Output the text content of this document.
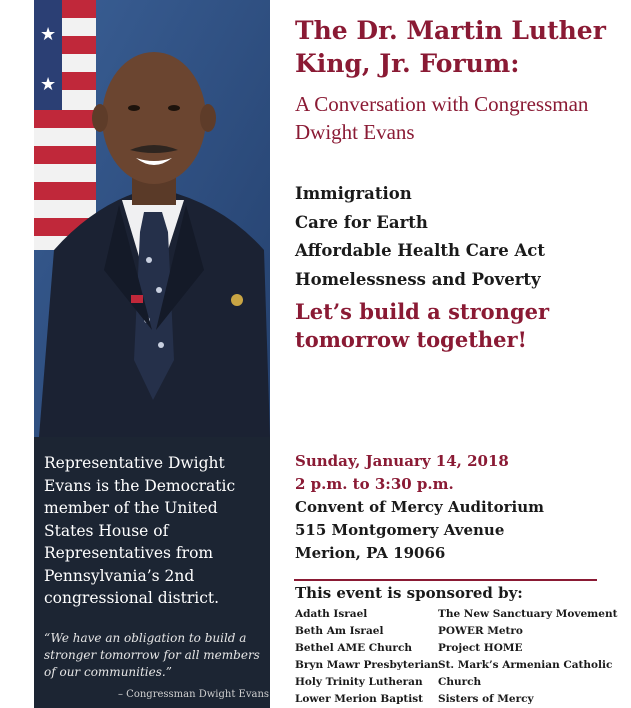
★
★
Representative Dwight Evans is the Democratic member of the United States House of Representatives from Pennsylvania’s 2nd congressional district.
“We have an obligation to build a stronger tomorrow for all members of our communities.”
– Congressman Dwight Evans
The Dr. Martin Luther King, Jr. Forum:
A Conversation with Congressman Dwight Evans
Immigration
Care for Earth
Affordable Health Care Act
Homelessness and Poverty
Let’s build a stronger tomorrow together!
Sunday, January 14, 2018
2 p.m. to 3:30 p.m.
Convent of Mercy Auditorium
515 Montgomery Avenue
Merion, PA 19066
This event is sponsored by:
Adath Israel
Beth Am Israel
Bethel AME Church
Bryn Mawr Presbyterian
Holy Trinity Lutheran
Lower Merion Baptist
The New Sanctuary Movement
POWER Metro
Project HOME
St. Mark’s Armenian Catholic
Church
Sisters of Mercy
